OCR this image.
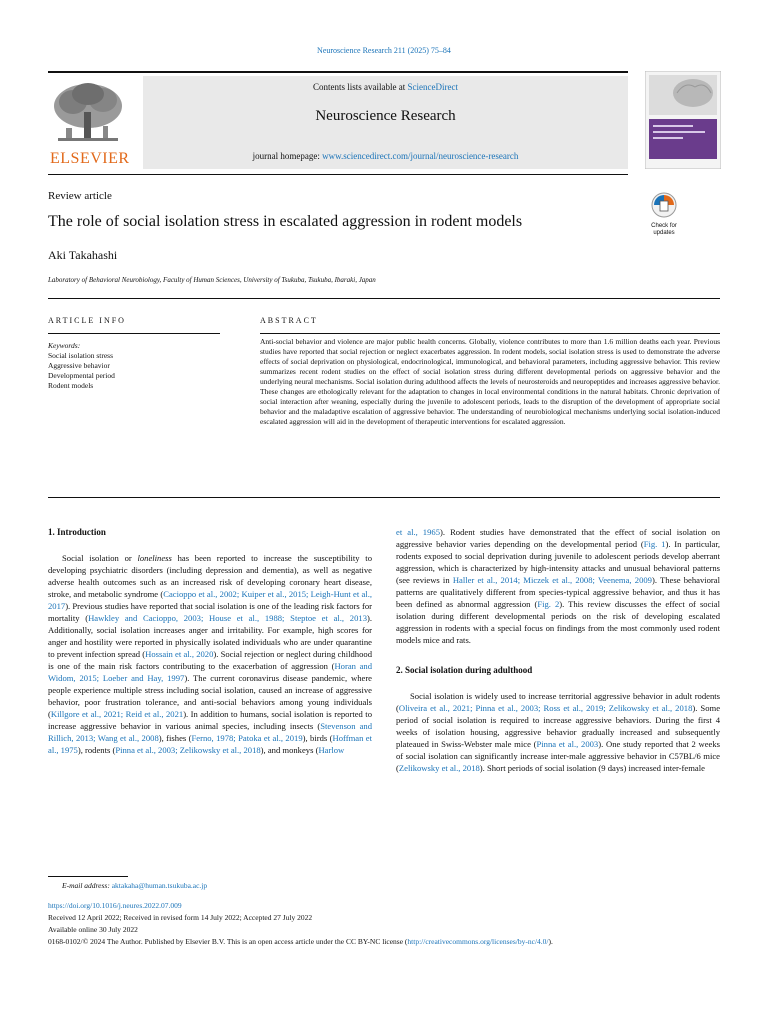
Neuroscience Research 211 (2025) 75–84
ELSEVIER
Contents lists available at ScienceDirect
Neuroscience Research
journal homepage: www.sciencedirect.com/journal/neuroscience-research
Review article
The role of social isolation stress in escalated aggression in rodent models	Check for
updates
Aki Takahashi
Laboratory of Behavioral Neurobiology, Faculty of Human Sciences, University of Tsukuba, Tsukuba, Ibaraki, Japan
ARTICLE INFO
Keywords:
Social isolation stress
Aggressive behavior
Developmental period
Rodent models
ABSTRACT
Anti-social behavior and violence are major public health concerns. Globally, violence contributes to more than 1.6 million deaths each year. Previous studies have reported that social rejection or neglect exacerbates aggression. In rodent models, social isolation stress is used to demonstrate the adverse effects of social deprivation on physiological, endocrinological, immunological, and behavioral parameters, including aggressive behavior. This review summarizes recent rodent studies on the effect of social isolation stress during different developmental periods on aggressive behavior and the underlying neural mechanisms. Social isolation during adulthood affects the levels of neurosteroids and neuropeptides and increases aggressive behavior. These changes are ethologically relevant for the adaptation to changes in local environmental conditions in the natural habitats. Chronic deprivation of social interaction after weaning, especially during the juvenile to adolescent periods, leads to the disruption of the development of appropriate social behavior and the maladaptive escalation of aggressive behavior. The understanding of neurobiological mechanisms underlying social isolation-induced escalated aggression will aid in the development of therapeutic interventions for escalated aggression.
1. Introduction

Social isolation or loneliness has been reported to increase the susceptibility to developing psychiatric disorders (including depression and dementia), as well as negative adverse health outcomes such as an increased risk of developing coronary heart disease, stroke, and metabolic syndrome (Cacioppo et al., 2002; Kuiper et al., 2015; Leigh-Hunt et al., 2017). Previous studies have reported that social isolation is one of the leading risk factors for mortality (Hawkley and Cacioppo, 2003; House et al., 1988; Steptoe et al., 2013). Additionally, social isolation increases anger and irritability. For example, high scores for anger and hostility were reported in physically isolated individuals who are under quarantine to prevent infection spread (Hossain et al., 2020). Social rejection or neglect during childhood is one of the main risk factors contributing to the exacerbation of aggression (Horan and Widom, 2015; Loeber and Hay, 1997). The current coronavirus disease pandemic, where people experience multiple stress including social isolation, caused an increase of aggressive behavior, poor frustration tolerance, and anti-social behaviors among young individuals (Killgore et al., 2021; Reid et al., 2021). In addition to humans, social isolation is reported to increase aggressive behavior in various animal species, including insects (Stevenson and Rillich, 2013; Wang et al., 2008), fishes (Ferno, 1978; Patoka et al., 2019), birds (Hoffman et al., 1975), rodents (Pinna et al., 2003; Zelikowsky et al., 2018), and monkeys (Harlow

et al., 1965). Rodent studies have demonstrated that the effect of social isolation on aggressive behavior varies depending on the developmental period (Fig. 1). In particular, rodents exposed to social deprivation during juvenile to adolescent periods develop aberrant aggression, which is characterized by high-intensity attacks and unusual behavioral patterns (see reviews in Haller et al., 2014; Miczek et al., 2008; Veenema, 2009). These behavioral patterns are qualitatively different from species-typical aggressive behavior, and thus it has been defined as abnormal aggression (Fig. 2). This review discusses the effect of social isolation during different developmental periods on the risk of developing escalated aggression in rodents with a special focus on findings from the most commonly used rodent models mice and rats.

2. Social isolation during adulthood

Social isolation is widely used to increase territorial aggressive behavior in adult rodents (Oliveira et al., 2021; Pinna et al., 2003; Ross et al., 2019; Zelikowsky et al., 2018). Some period of social isolation is required to increase aggressive behaviors. During the first 4 weeks of isolation housing, aggressive behavior gradually increased and subsequently plateaued in Swiss-Webster male mice (Pinna et al., 2003). One study reported that 2 weeks of social isolation can significantly increase inter-male aggressive behavior in C57BL/6 mice (Zelikowsky et al., 2018). Short periods of social isolation (9 days) increased inter-female

E-mail address: aktakaha@human.tsukuba.ac.jp
https://doi.org/10.1016/j.neures.2022.07.009
Received 12 April 2022; Received in revised form 14 July 2022; Accepted 27 July 2022
Available online 30 July 2022
0168-0102/© 2024 The Author. Published by Elsevier B.V. This is an open access article under the CC BY-NC license (http://creativecommons.org/licenses/by-nc/4.0/).
